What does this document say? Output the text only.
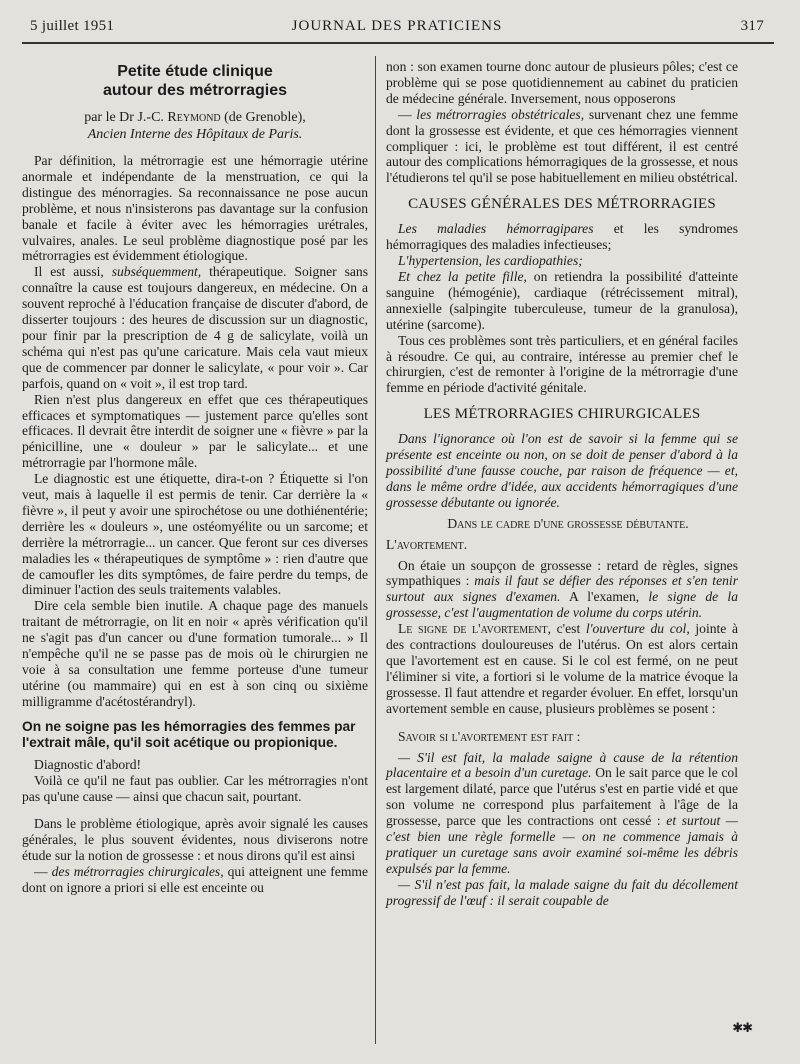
5 juillet 1951	JOURNAL DES PRATICIENS	317
Petite étude clinique
autour des métrorragies
par le Dr J.-C. Reymond (de Grenoble),
Ancien Interne des Hôpitaux de Paris.

Par définition, la métrorragie est une hémorragie utérine anormale et indépendante de la menstruation, ce qui la distingue des ménorragies. Sa reconnaissance ne pose aucun problème, et nous n'insisterons pas davantage sur la confusion banale et facile à éviter avec les hémorragies urétrales, vulvaires, anales. Le seul problème diagnostique posé par les métrorragies est évidemment étiologique.

Il est aussi, subséquemment, thérapeutique. Soigner sans connaître la cause est toujours dangereux, en médecine. On a souvent reproché à l'éducation française de discuter d'abord, de disserter toujours : des heures de discussion sur un diagnostic, pour finir par la prescription de 4 g de salicylate, voilà un schéma qui n'est pas qu'une caricature. Mais cela vaut mieux que de commencer par donner le salicylate, « pour voir ». Car parfois, quand on « voit », il est trop tard.

Rien n'est plus dangereux en effet que ces thérapeutiques efficaces et symptomatiques — justement parce qu'elles sont efficaces. Il devrait être interdit de soigner une « fièvre » par la pénicilline, une « douleur » par le salicylate... et une métrorragie par l'hormone mâle.

Le diagnostic est une étiquette, dira-t-on ? Étiquette si l'on veut, mais à laquelle il est permis de tenir. Car derrière la « fièvre », il peut y avoir une spirochétose ou une dothiénentérie; derrière les « douleurs », une ostéomyélite ou un sarcome; et derrière la métrorragie... un cancer. Que feront sur ces diverses maladies les « thérapeutiques de symptôme » : rien d'autre que de camoufler les dits symptômes, de faire perdre du temps, de diminuer l'action des seuls traitements valables.

Dire cela semble bien inutile. A chaque page des manuels traitant de métrorragie, on lit en noir « après vérification qu'il ne s'agit pas d'un cancer ou d'une formation tumorale... » Il n'empêche qu'il ne se passe pas de mois où le chirurgien ne voie à sa consultation une femme porteuse d'une tumeur utérine (ou mammaire) qui en est à son cinq ou sixième milligramme d'acétostérandryl).

On ne soigne pas les hémorragies des femmes par l'extrait mâle, qu'il soit acétique ou propionique.

Diagnostic d'abord!

Voilà ce qu'il ne faut pas oublier. Car les métrorragies n'ont pas qu'une cause — ainsi que chacun sait, pourtant.

Dans le problème étiologique, après avoir signalé les causes générales, le plus souvent évidentes, nous diviserons notre étude sur la notion de grossesse : et nous dirons qu'il est ainsi

— des métrorragies chirurgicales, qui atteignent une femme dont on ignore a priori si elle est enceinte ou

non : son examen tourne donc autour de plusieurs pôles; c'est ce problème qui se pose quotidiennement au cabinet du praticien de médecine générale. Inversement, nous opposerons

— les métrorragies obstétricales, survenant chez une femme dont la grossesse est évidente, et que ces hémorragies viennent compliquer : ici, le problème est tout différent, il est centré autour des complications hémorragiques de la grossesse, et nous l'étudierons tel qu'il se pose habituellement en milieu obstétrical.

CAUSES GÉNÉRALES DES MÉTRORRAGIES

Les maladies hémorragipares et les syndromes hémorragiques des maladies infectieuses;

L'hypertension, les cardiopathies;

Et chez la petite fille, on retiendra la possibilité d'atteinte sanguine (hémogénie), cardiaque (rétrécissement mitral), annexielle (salpingite tuberculeuse, tumeur de la granulosa), utérine (sarcome).

Tous ces problèmes sont très particuliers, et en général faciles à résoudre. Ce qui, au contraire, intéresse au premier chef le chirurgien, c'est de remonter à l'origine de la métrorragie d'une femme en période d'activité génitale.

LES MÉTRORRAGIES CHIRURGICALES

Dans l'ignorance où l'on est de savoir si la femme qui se présente est enceinte ou non, on se doit de penser d'abord à la possibilité d'une fausse couche, par raison de fréquence — et, dans le même ordre d'idée, aux accidents hémorragiques d'une grossesse débutante ou ignorée.

Dans le cadre d'une grossesse débutante.

L'avortement.

On étaie un soupçon de grossesse : retard de règles, signes sympathiques : mais il faut se défier des réponses et s'en tenir surtout aux signes d'examen. A l'examen, le signe de la grossesse, c'est l'augmentation de volume du corps utérin.

Le signe de l'avortement, c'est l'ouverture du col, jointe à des contractions douloureuses de l'utérus. On est alors certain que l'avortement est en cause. Si le col est fermé, on ne peut l'éliminer si vite, a fortiori si le volume de la matrice évoque la grossesse. Il faut attendre et regarder évoluer. En effet, lorsqu'un avortement semble en cause, plusieurs problèmes se posent :

Savoir si l'avortement est fait :

— S'il est fait, la malade saigne à cause de la rétention placentaire et a besoin d'un curetage. On le sait parce que le col est largement dilaté, parce que l'utérus s'est en partie vidé et que son volume ne correspond plus parfaitement à l'âge de la grossesse, parce que les contractions ont cessé : et surtout — c'est bien une règle formelle — on ne commence jamais à pratiquer un curetage sans avoir examiné soi-même les débris expulsés par la femme.

— S'il n'est pas fait, la malade saigne du fait du décollement progressif de l'œuf : il serait coupable de

✱✱
